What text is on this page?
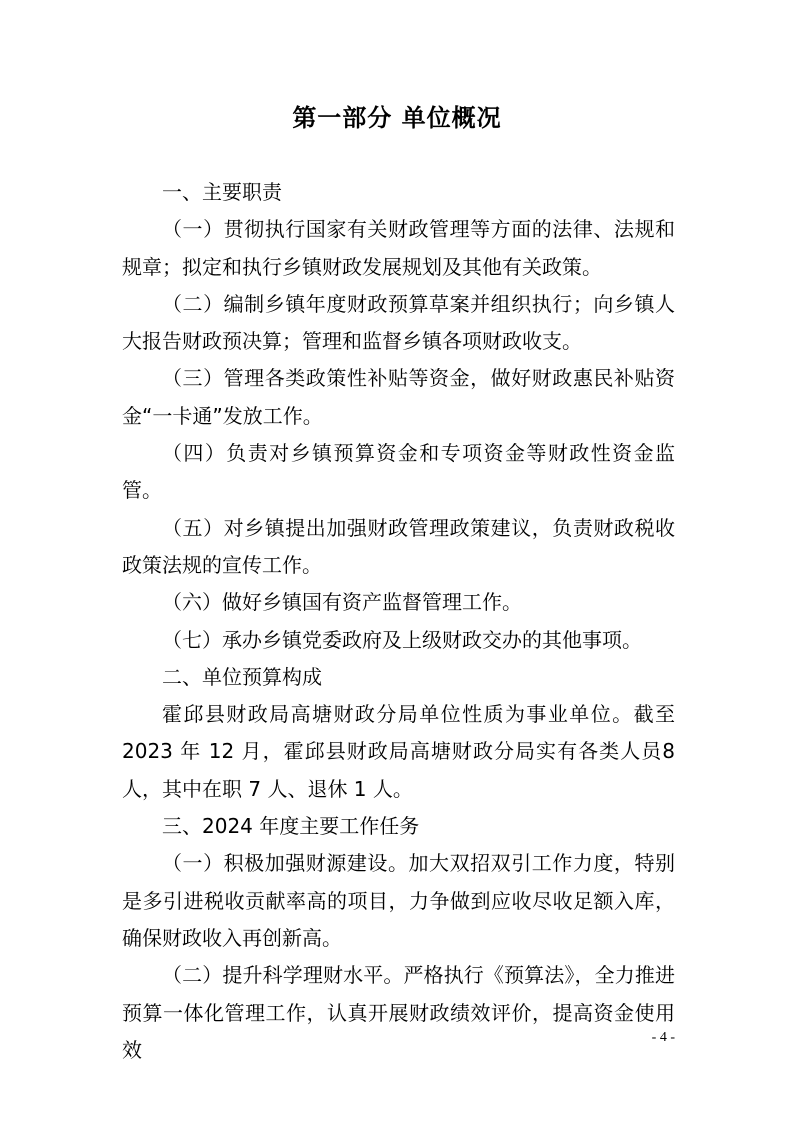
第一部分 单位概况

一、主要职责

（一）贯彻执行国家有关财政管理等方面的法律、法规和规章；拟定和执行乡镇财政发展规划及其他有关政策。

（二）编制乡镇年度财政预算草案并组织执行；向乡镇人大报告财政预决算；管理和监督乡镇各项财政收支。

（三）管理各类政策性补贴等资金，做好财政惠民补贴资金“一卡通”发放工作。

（四）负责对乡镇预算资金和专项资金等财政性资金监管。

（五）对乡镇提出加强财政管理政策建议，负责财政税收政策法规的宣传工作。

（六）做好乡镇国有资产监督管理工作。

（七）承办乡镇党委政府及上级财政交办的其他事项。

二、单位预算构成

霍邱县财政局高塘财政分局单位性质为事业单位。截至2023 年 12 月，霍邱县财政局高塘财政分局实有各类人员8 人，其中在职 7 人、退休 1 人。

三、2024 年度主要工作任务

（一）积极加强财源建设。加大双招双引工作力度，特别是多引进税收贡献率高的项目，力争做到应收尽收足额入库，确保财政收入再创新高。

（二）提升科学理财水平。严格执行《预算法》，全力推进预算一体化管理工作，认真开展财政绩效评价，提高资金使用效

- 4 -
